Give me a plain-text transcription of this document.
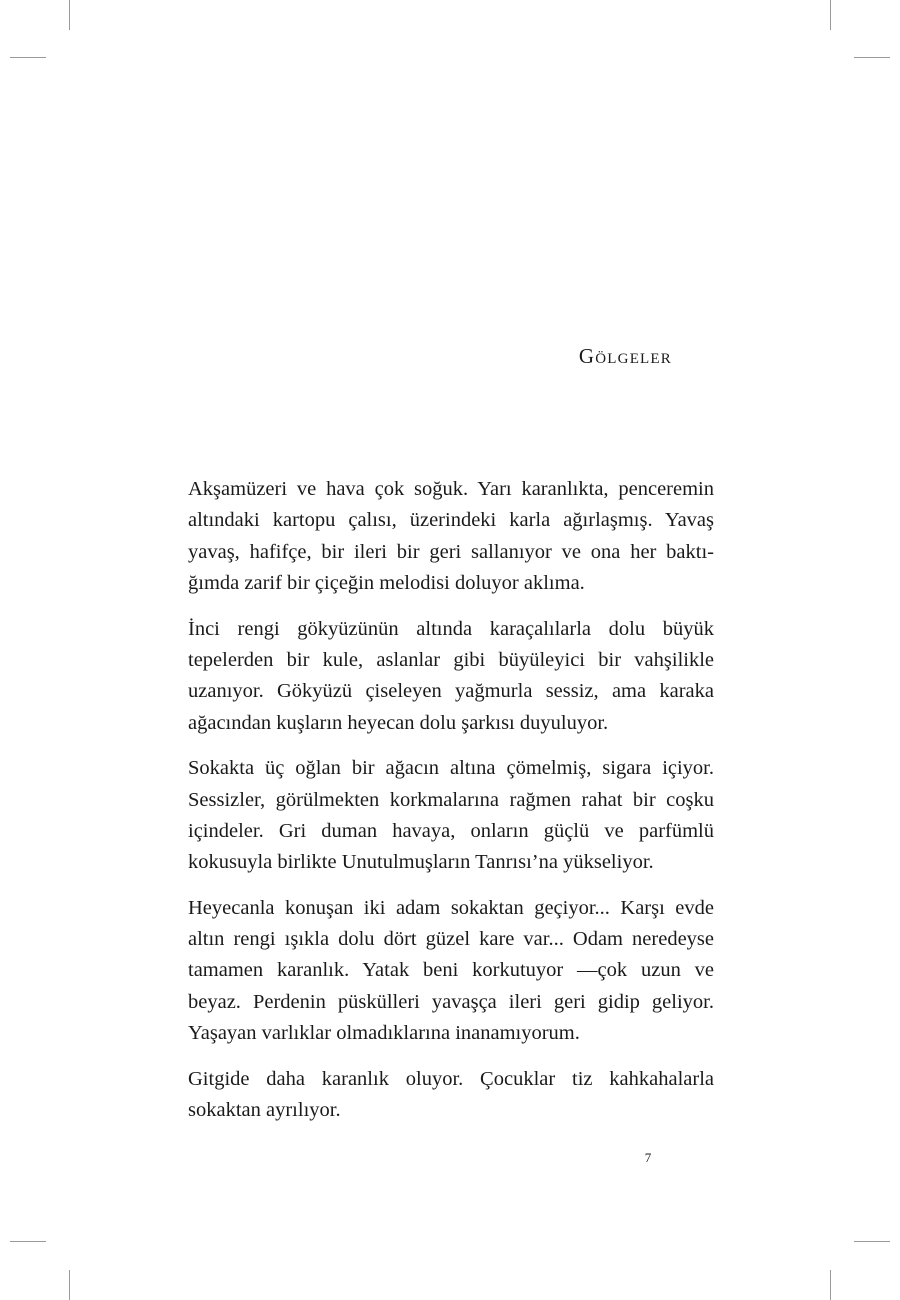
Gölgeler

Akşamüzeri ve hava çok soğuk. Yarı karanlıkta, penceremin
altındaki kartopu çalısı, üzerindeki karla ağırlaşmış. Yavaş
yavaş, hafifçe, bir ileri bir geri sallanıyor ve ona her baktı-
ğımda zarif bir çiçeğin melodisi doluyor aklıma.

İnci rengi gökyüzünün altında karaçalılarla dolu büyük
tepelerden bir kule, aslanlar gibi büyüleyici bir vahşilikle
uzanıyor. Gökyüzü çiseleyen yağmurla sessiz, ama karaka
ağacından kuşların heyecan dolu şarkısı duyuluyor.

Sokakta üç oğlan bir ağacın altına çömelmiş, sigara içiyor.
Sessizler, görülmekten korkmalarına rağmen rahat bir coşku
içindeler. Gri duman havaya, onların güçlü ve parfümlü
kokusuyla birlikte Unutulmuşların Tanrısı’na yükseliyor.

Heyecanla konuşan iki adam sokaktan geçiyor... Karşı evde
altın rengi ışıkla dolu dört güzel kare var... Odam neredeyse
tamamen karanlık. Yatak beni korkutuyor —çok uzun ve
beyaz. Perdenin püskülleri yavaşça ileri geri gidip geliyor.
Yaşayan varlıklar olmadıklarına inanamıyorum.

Gitgide daha karanlık oluyor. Çocuklar tiz kahkahalarla
sokaktan ayrılıyor.

7
